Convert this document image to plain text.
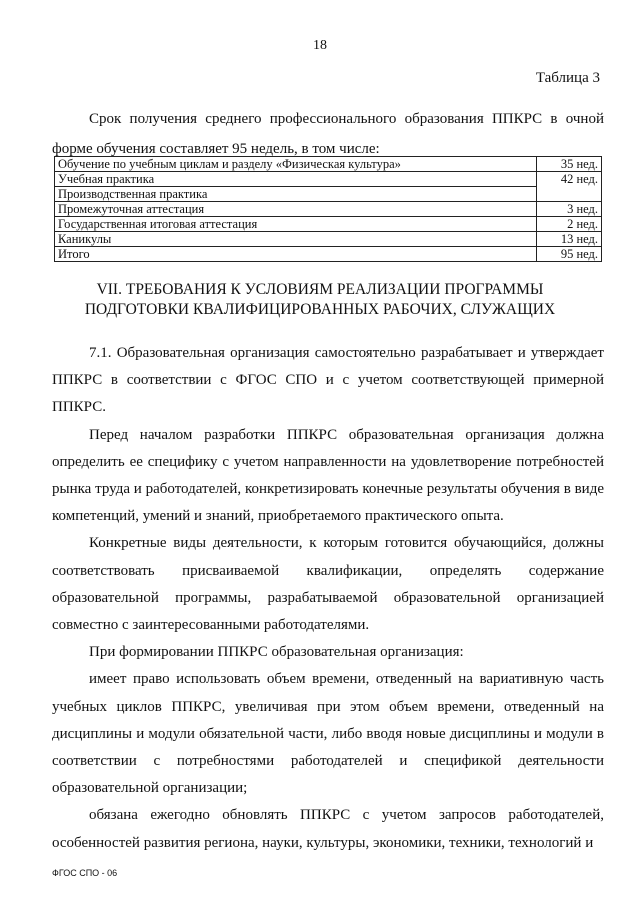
18
Таблица 3

Срок получения среднего профессионального образования ППКРС в очной форме обучения составляет 95 недель, в том числе:

Обучение по учебным циклам и разделу «Физическая культура»	35 нед.
Учебная практика	42 нед.
Производственная практика	
Промежуточная аттестация	3 нед.
Государственная итоговая аттестация	2 нед.
Каникулы	13 нед.
Итого	95 нед.
VII. ТРЕБОВАНИЯ К УСЛОВИЯМ РЕАЛИЗАЦИИ ПРОГРАММЫ
ПОДГОТОВКИ КВАЛИФИЦИРОВАННЫХ РАБОЧИХ, СЛУЖАЩИХ

7.1. Образовательная организация самостоятельно разрабатывает и утверждает ППКРС в соответствии с ФГОС СПО и с учетом соответствующей примерной ППКРС.

Перед началом разработки ППКРС образовательная организация должна определить ее специфику с учетом направленности на удовлетворение потребностей рынка труда и работодателей, конкретизировать конечные результаты обучения в виде компетенций, умений и знаний, приобретаемого практического опыта.

Конкретные виды деятельности, к которым готовится обучающийся, должны соответствовать присваиваемой квалификации, определять содержание образовательной программы, разрабатываемой образовательной организацией совместно с заинтересованными работодателями.

При формировании ППКРС образовательная организация:

имеет право использовать объем времени, отведенный на вариативную часть учебных циклов ППКРС, увеличивая при этом объем времени, отведенный на дисциплины и модули обязательной части, либо вводя новые дисциплины и модули в соответствии с потребностями работодателей и спецификой деятельности образовательной организации;

обязана ежегодно обновлять ППКРС с учетом запросов работодателей, особенностей развития региона, науки, культуры, экономики, техники, технологий и

ФГОС СПО - 06
